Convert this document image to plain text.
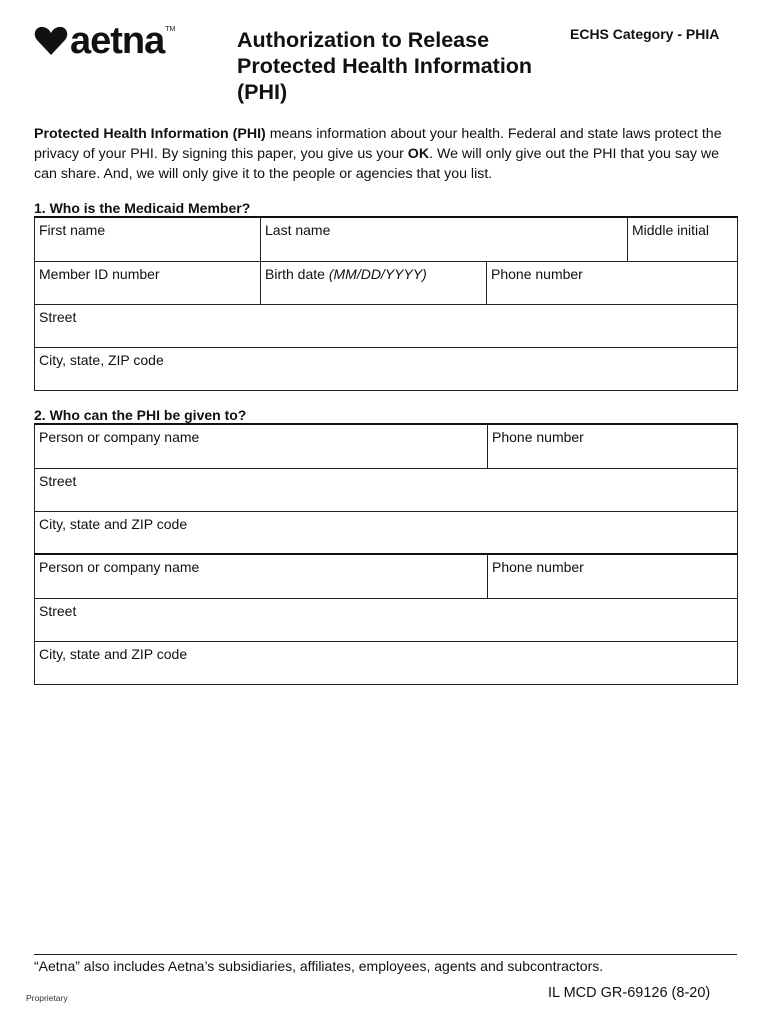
aetna TM	Authorization to Release Protected Health Information (PHI)
ECHS Category - PHIA

Protected Health Information (PHI) means information about your health. Federal and state laws protect the privacy of your PHI. By signing this paper, you give us your OK. We will only give out the PHI that you say we can share. And, we will only give it to the people or agencies that you list.

1. Who is the Medicaid Member?
First name	Last name		Middle initial
Member ID number	Birth date (MM/DD/YYYY)	Phone number	
Street			
City, state, ZIP code			
2. Who can the PHI be given to?
Person or company name	Phone number
Street	
City, state and ZIP code	
Person or company name	Phone number
Street	
City, state and ZIP code	
“Aetna” also includes Aetna’s subsidiaries, affiliates, employees, agents and subcontractors.
Proprietary	IL MCD GR-69126 (8-20)
